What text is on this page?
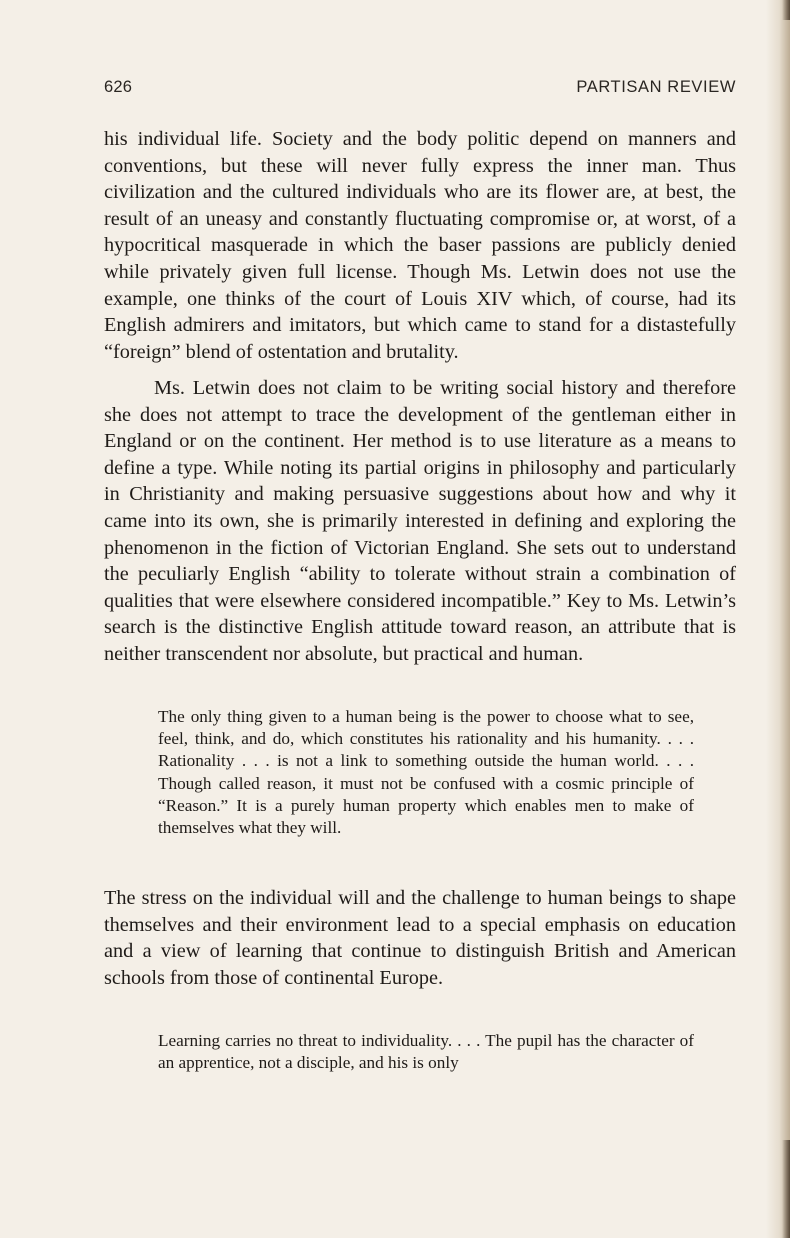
626	PARTISAN REVIEW

his individual life. Society and the body politic depend on manners and conventions, but these will never fully express the inner man. Thus civilization and the cultured individuals who are its flower are, at best, the result of an uneasy and constantly fluctuating compromise or, at worst, of a hypocritical masquerade in which the baser passions are publicly denied while privately given full license. Though Ms. Letwin does not use the example, one thinks of the court of Louis XIV which, of course, had its English admirers and imitators, but which came to stand for a distastefully “foreign” blend of ostentation and brutality.

Ms. Letwin does not claim to be writing social history and therefore she does not attempt to trace the development of the gentleman either in England or on the continent. Her method is to use literature as a means to define a type. While noting its partial origins in philosophy and particularly in Christianity and making persuasive suggestions about how and why it came into its own, she is primarily interested in defining and exploring the phenomenon in the fiction of Victorian England. She sets out to understand the peculiarly English “ability to tolerate without strain a combination of qualities that were elsewhere considered incompatible.” Key to Ms. Letwin’s search is the distinctive English attitude toward reason, an attribute that is neither transcendent nor absolute, but practical and human.

The only thing given to a human being is the power to choose what to see, feel, think, and do, which constitutes his rationality and his humanity. . . . Rationality . . . is not a link to something outside the human world. . . . Though called reason, it must not be confused with a cosmic principle of “Reason.” It is a purely human property which enables men to make of themselves what they will.

The stress on the individual will and the challenge to human beings to shape themselves and their environment lead to a special emphasis on education and a view of learning that continue to distinguish British and American schools from those of continental Europe.

Learning carries no threat to individuality. . . . The pupil has the character of an apprentice, not a disciple, and his is only
